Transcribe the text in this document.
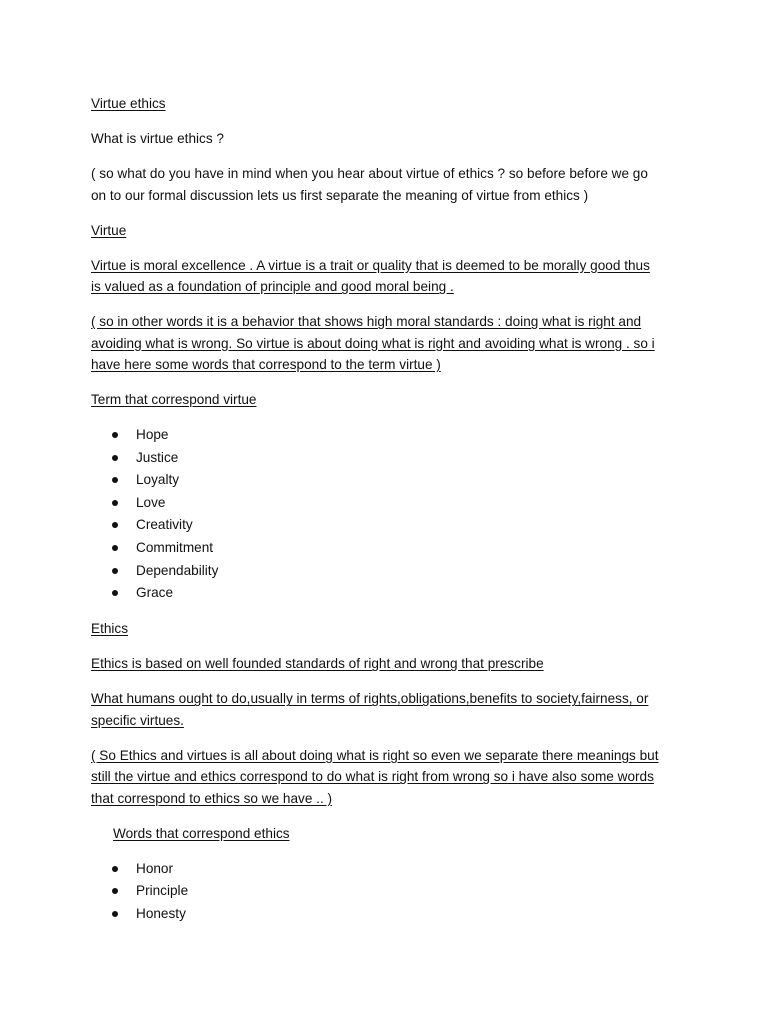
Virtue ethics

What is virtue ethics ?

( so what do you have in mind when you hear about virtue of ethics ? so before before we go
on to our formal discussion lets us first separate the meaning of virtue from ethics )

Virtue

Virtue is moral excellence . A virtue is a trait or quality that is deemed to be morally good thus
is valued as a foundation of principle and good moral being .

( so in other words it is a behavior that shows high moral standards : doing what is right and
avoiding what is wrong. So virtue is about doing what is right and avoiding what is wrong . so i
have here some words that correspond to the term virtue )

Term that correspond virtue

Hope
Justice
Loyalty
Love
Creativity
Commitment
Dependability
Grace

Ethics

Ethics is based on well founded standards of right and wrong that prescribe

What humans ought to do,usually in terms of rights,obligations,benefits to society,fairness, or
specific virtues.

( So Ethics and virtues is all about doing what is right so even we separate there meanings but
still the virtue and ethics correspond to do what is right from wrong so i have also some words
that correspond to ethics so we have .. )

Words that correspond ethics

Honor
Principle
Honesty
